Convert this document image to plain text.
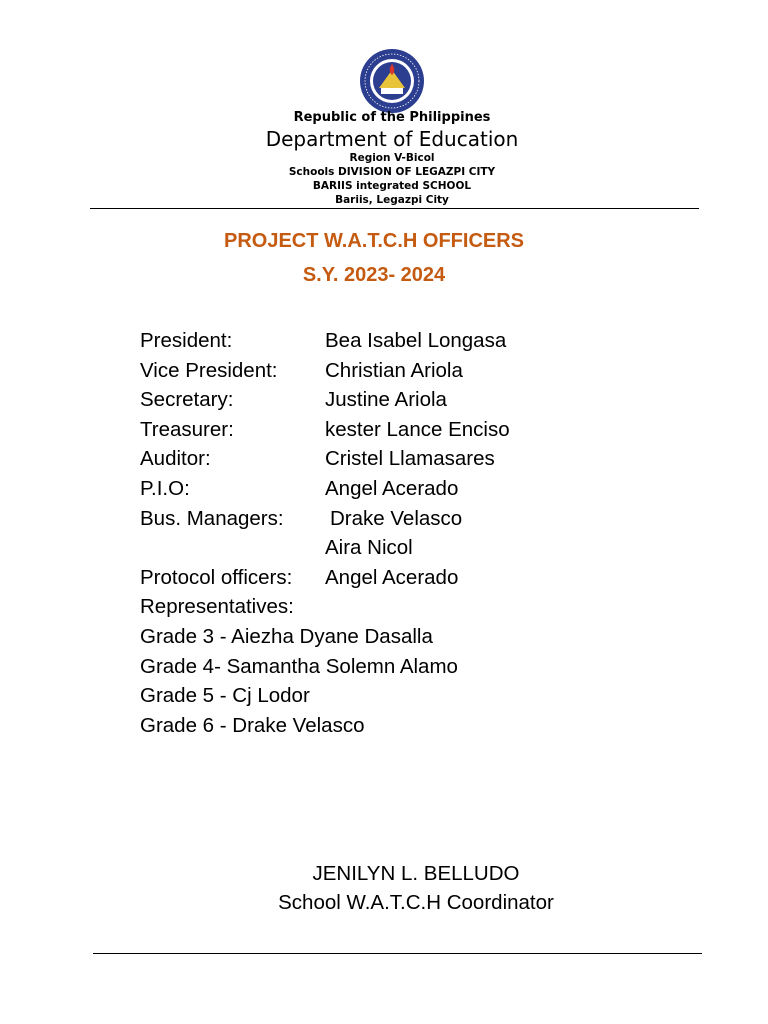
Republic of the Philippines
Department of Education
Region V-Bicol
Schools DIVISION OF LEGAZPI CITY
BARIIS integrated SCHOOL
Bariis, Legazpi City
PROJECT W.A.T.C.H OFFICERS
S.Y. 2023- 2024
President:	Bea Isabel Longasa
Vice President: Christian Ariola
Secretary:	Justine Ariola
Treasurer:	kester Lance Enciso
Auditor:	Cristel Llamasares
P.I.O:	Angel Acerado
Bus. Managers: Drake Velasco
Aira Nicol
Protocol officers: Angel Acerado
Representatives:
Grade 3 - Aiezha Dyane Dasalla
Grade 4- Samantha Solemn Alamo
Grade 5 - Cj Lodor
Grade 6 - Drake Velasco
JENILYN L. BELLUDO
School W.A.T.C.H Coordinator
